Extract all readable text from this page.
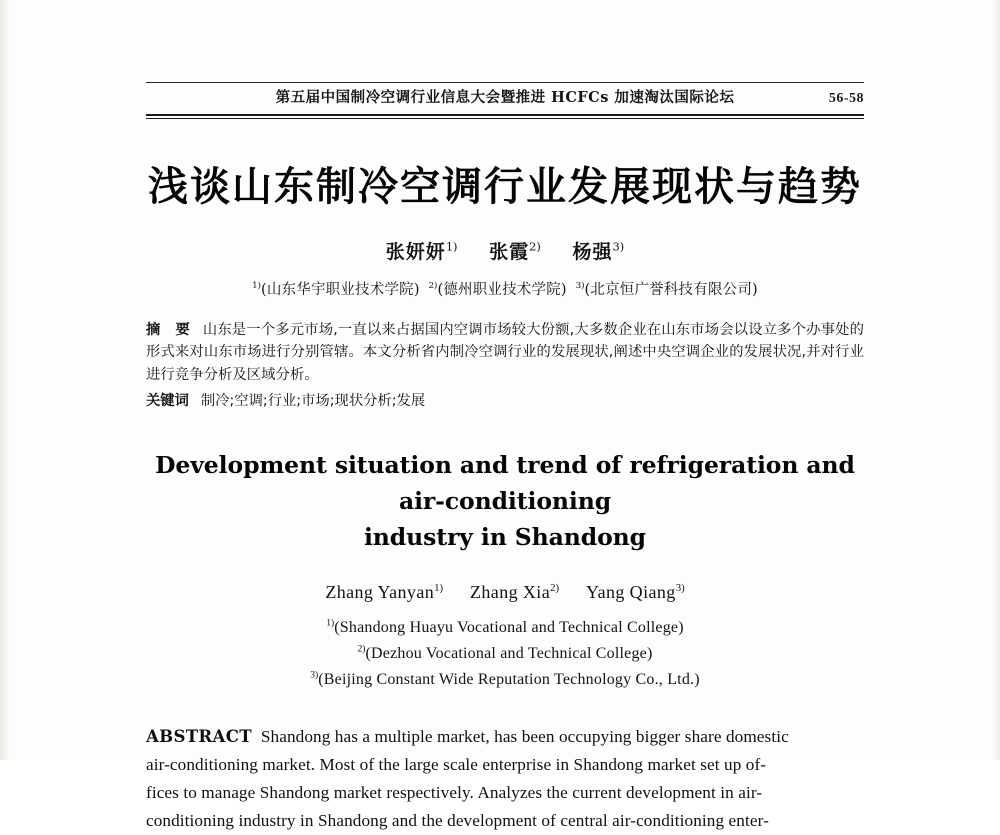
第五届中国制冷空调行业信息大会暨推进 HCFCs 加速淘汰国际论坛	56-58
浅谈山东制冷空调行业发展现状与趋势
张妍妍$^{1)}$ 张霞$^{2)}$ 杨强$^{3)}$
$^{1)}$(山东华宇职业技术学院) $^{2)}$(德州职业技术学院) $^{3)}$(北京恒广誉科技有限公司)
摘 要 山东是一个多元市场,一直以来占据国内空调市场较大份额,大多数企业在山东市场会以设立多个办事处的形式来对山东市场进行分别管辖。本文分析省内制冷空调行业的发展现状,阐述中央空调企业的发展状况,并对行业进行竞争分析及区域分析。
关键词 制冷;空调;行业;市场;现状分析;发展
Development situation and trend of refrigeration and air-conditioning
industry in Shandong
Zhang Yanyan$^{1)}$ Zhang Xia$^{2)}$ Yang Qiang$^{3)}$
$^{1)}$(Shandong Huayu Vocational and Technical College)
$^{2)}$(Dezhou Vocational and Technical College)
$^{3)}$(Beijing Constant Wide Reputation Technology Co., Ltd.)
ABSTRACT Shandong has a multiple market, has been occupying bigger share domestic
air-conditioning market. Most of the large scale enterprise in Shandong market set up of-
fices to manage Shandong market respectively. Analyzes the current development in air-
conditioning industry in Shandong and the development of central air-conditioning enter-
